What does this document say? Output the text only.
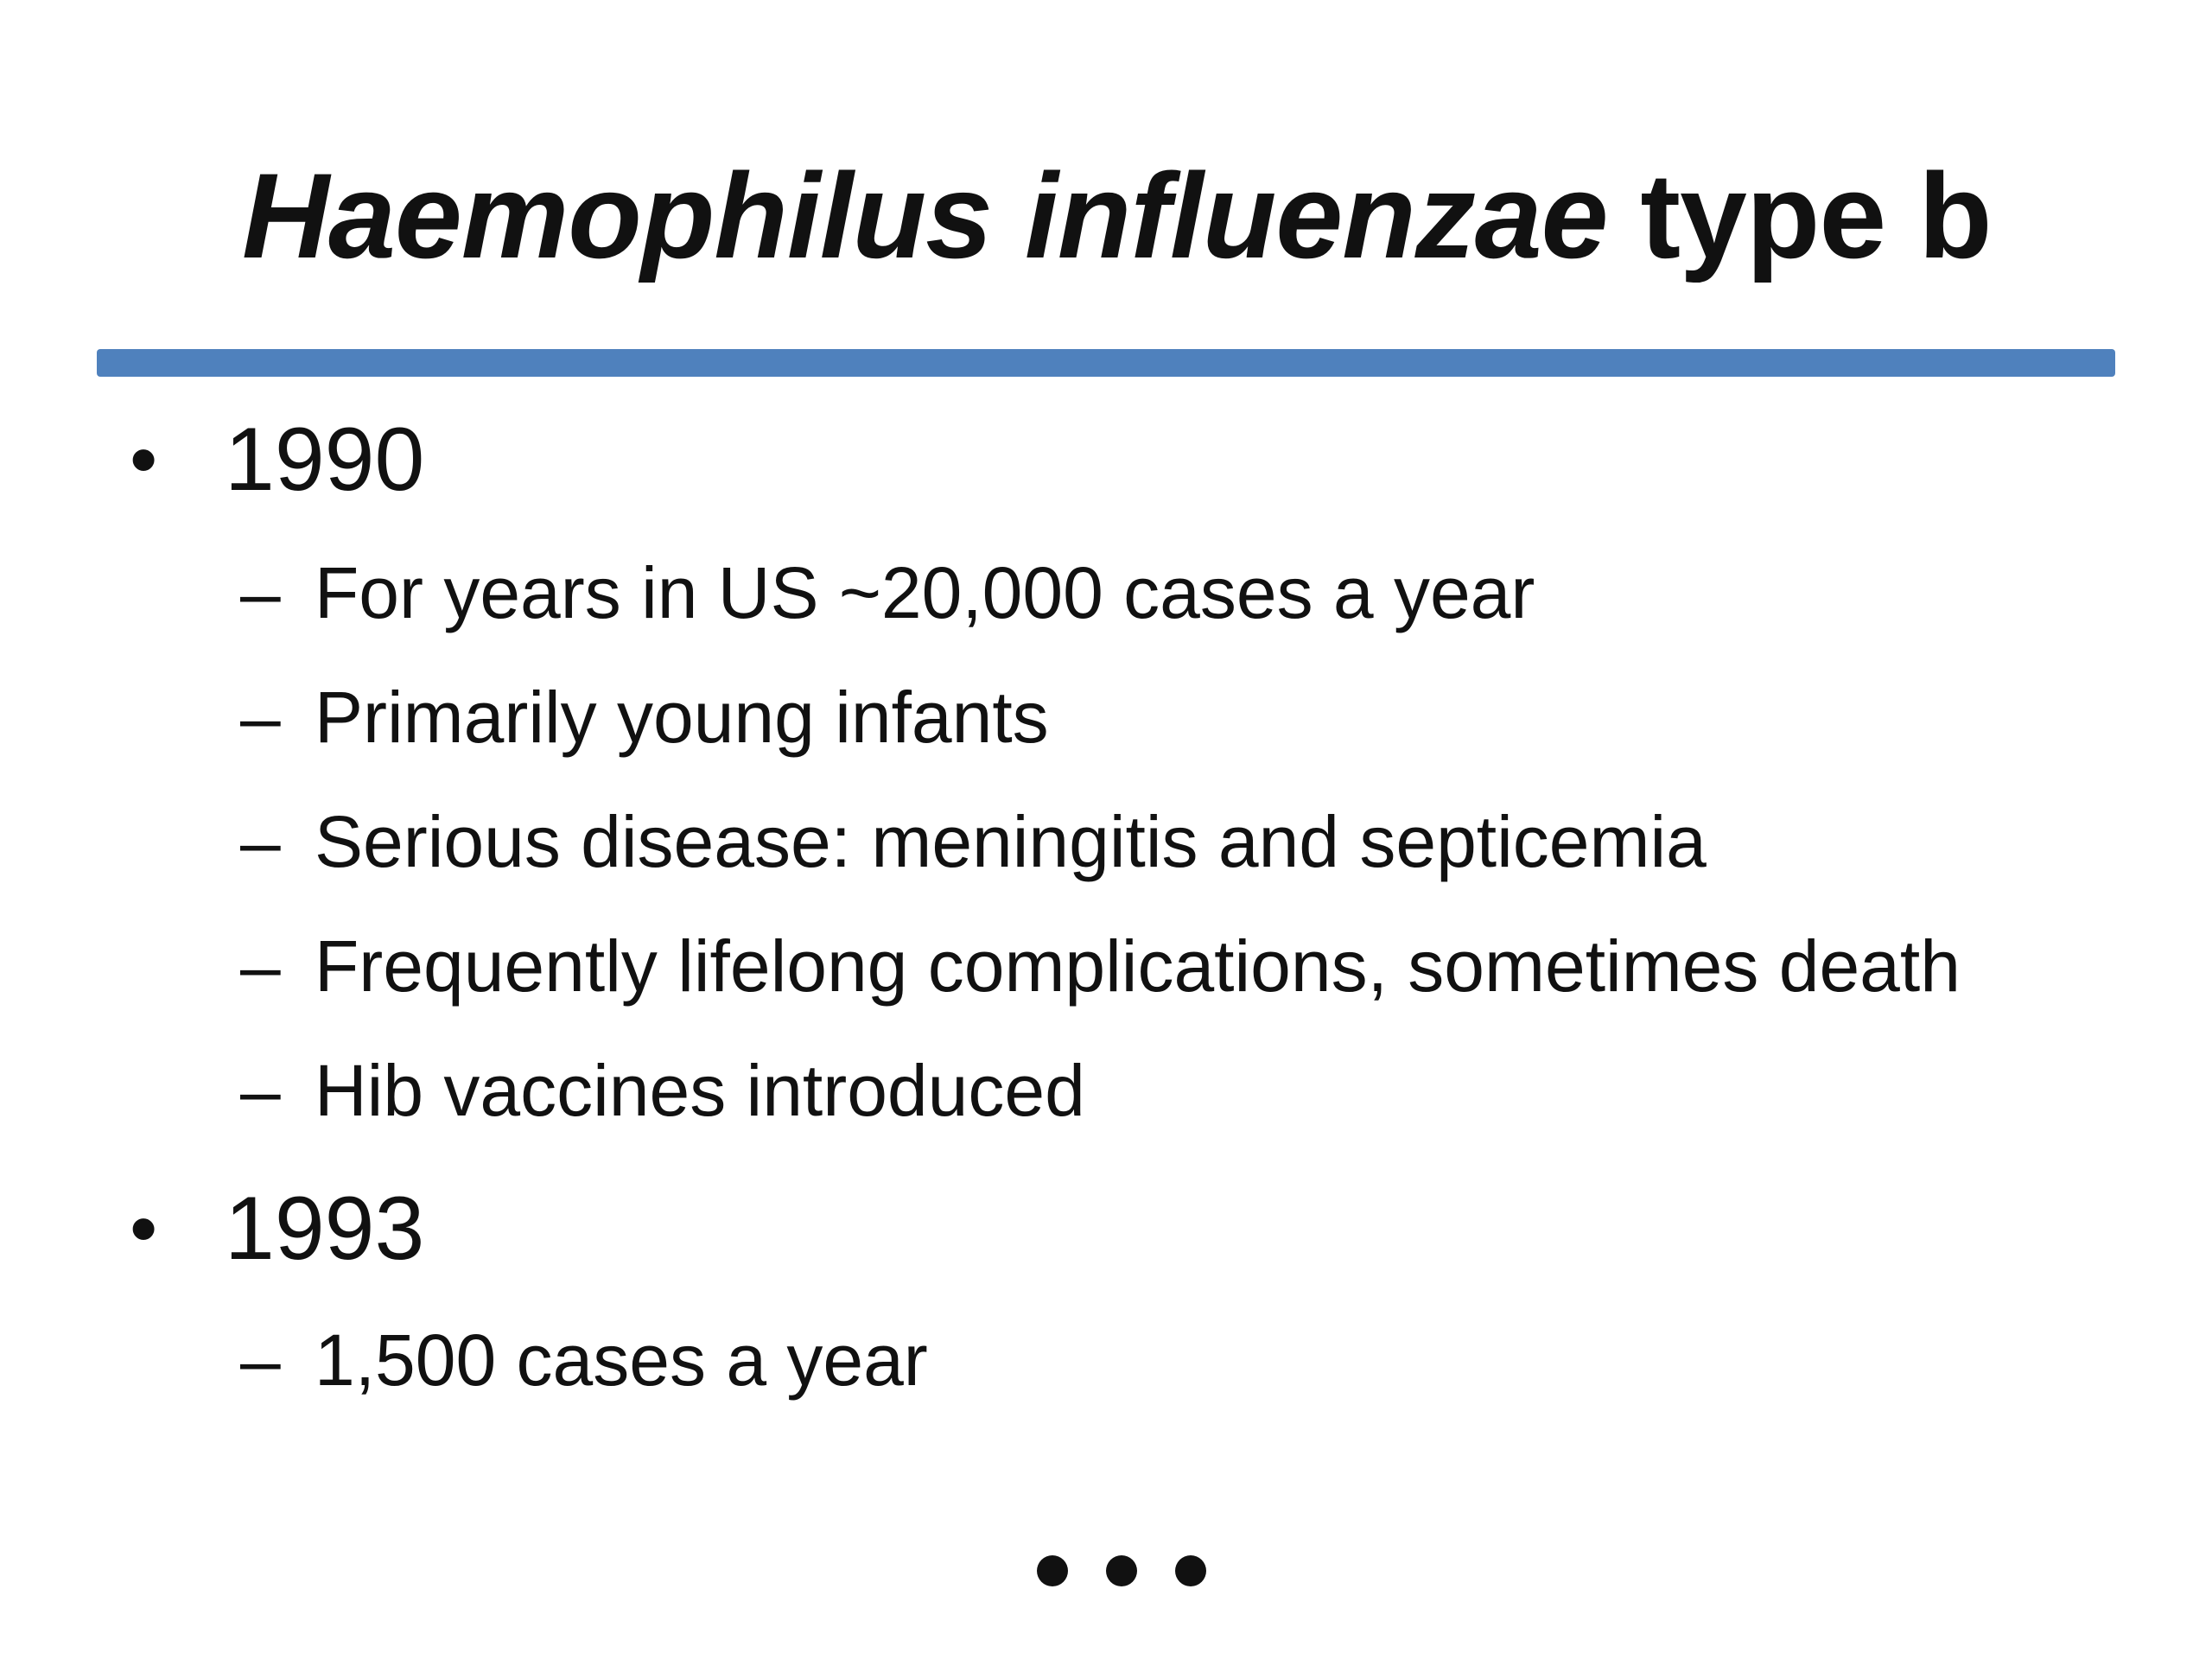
Haemophilus influenzae type b
• 1990
– For years in US ~20,000 cases a year
– Primarily young infants
– Serious disease: meningitis and septicemia
– Frequently lifelong complications, sometimes death
– Hib vaccines introduced
• 1993
– 1,500 cases a year
